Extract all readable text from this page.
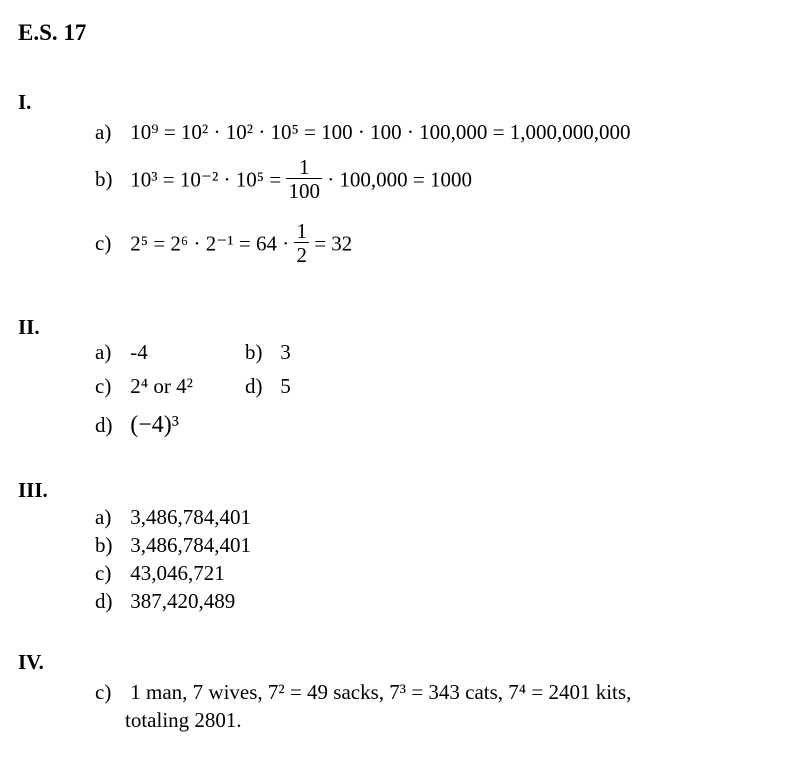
E.S. 17
I.
a) 10⁹ = 10² · 10² · 10⁵ = 100 · 100 · 100,000 = 1,000,000,000
b) $10^3 = 10^{-2} \cdot 10^5 = \frac{1}{100} \cdot 100,000 = 1000$
c) $2^5 = 2^6 \cdot 2^{-1} = 64 \cdot \frac{1}{2} = 32$
II.
a) -4	b) 3
c) 2⁴ or 4² d) 5
d) (−4)³
III.
a) 3,486,784,401
b) 3,486,784,401
c) 43,046,721
d) 387,420,489
IV.
c) 1 man, 7 wives, 7² = 49 sacks, 7³ = 343 cats, 7⁴ = 2401 kits,
totaling 2801.
